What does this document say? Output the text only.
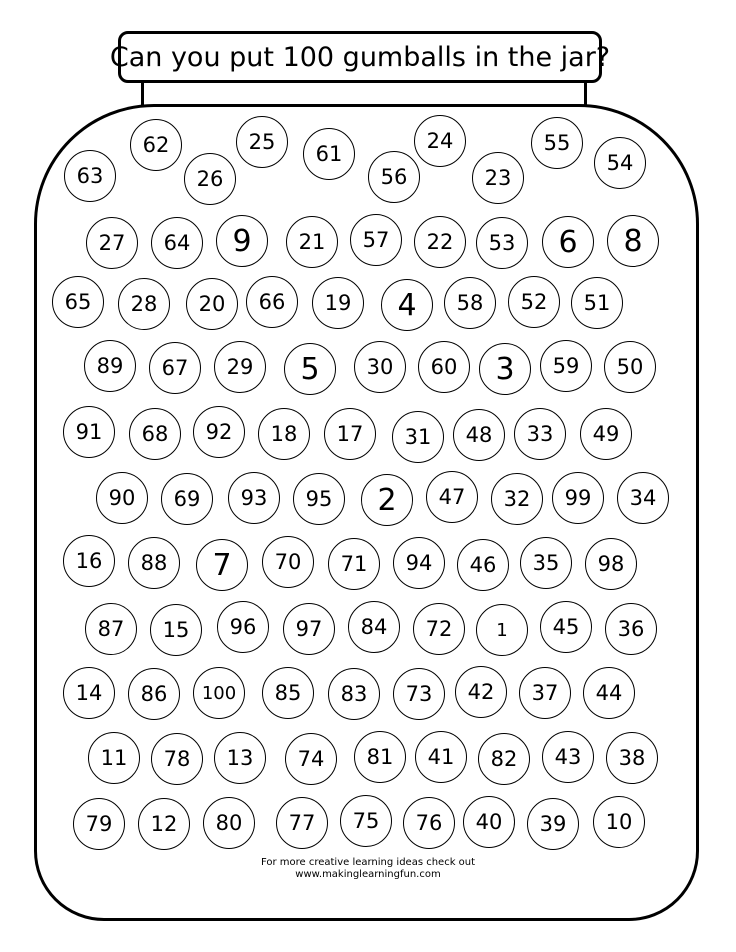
Can you put 100 gumballs in the jar?
63
62
26
25	61
56
24
23
55
54
27	64	9	21	57	22	53	6	8
65	28	20	66	19	4	58	52	51
89	67	29	5	30	60	3	59	50
91	68	92	18	17	31	48	33	49
90	69	93	95	2	47	32	99	34
16	88	7	70	71	94	46	35	98
87	15	96	97	84	72	1	45	36
14	86	100	85	83	73	42	37	44
11	78	13	74	81	41	82	43	38
79	12	80	77	75	76	40	39	10
For more creative learning ideas check out
www.makinglearningfun.com
